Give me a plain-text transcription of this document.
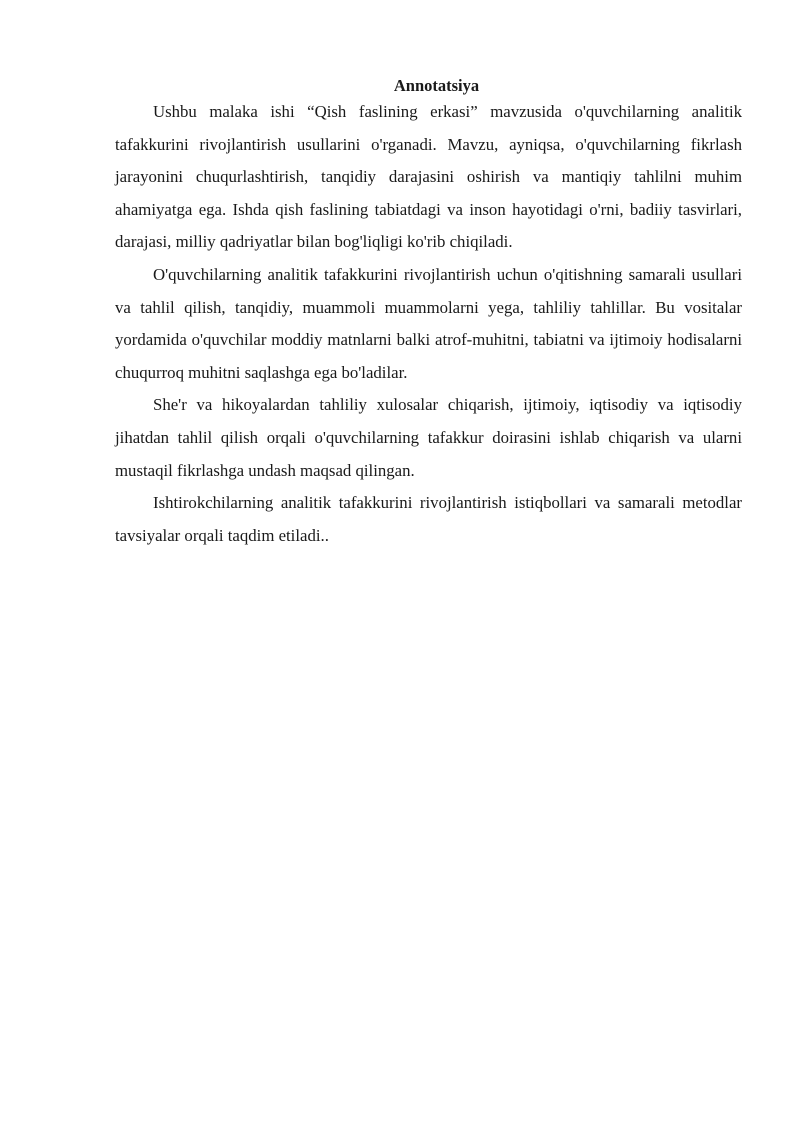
Annotatsiya

Ushbu malaka ishi “Qish faslining erkasi” mavzusida o'quvchilarning analitik tafakkurini rivojlantirish usullarini o'rganadi. Mavzu, ayniqsa, o'quvchilarning fikrlash jarayonini chuqurlashtirish, tanqidiy darajasini oshirish va mantiqiy tahlilni muhim ahamiyatga ega. Ishda qish faslining tabiatdagi va inson hayotidagi o'rni, badiiy tasvirlari, darajasi, milliy qadriyatlar bilan bog'liqligi ko'rib chiqiladi.

O'quvchilarning analitik tafakkurini rivojlantirish uchun o'qitishning samarali usullari va tahlil qilish, tanqidiy, muammoli muammolarni yega, tahliliy tahlillar. Bu vositalar yordamida o'quvchilar moddiy matnlarni balki atrof-muhitni, tabiatni va ijtimoiy hodisalarni chuqurroq muhitni saqlashga ega bo'ladilar.

She'r va hikoyalardan tahliliy xulosalar chiqarish, ijtimoiy, iqtisodiy va iqtisodiy jihatdan tahlil qilish orqali o'quvchilarning tafakkur doirasini ishlab chiqarish va ularni mustaqil fikrlashga undash maqsad qilingan.

Ishtirokchilarning analitik tafakkurini rivojlantirish istiqbollari va samarali metodlar tavsiyalar orqali taqdim etiladi..
